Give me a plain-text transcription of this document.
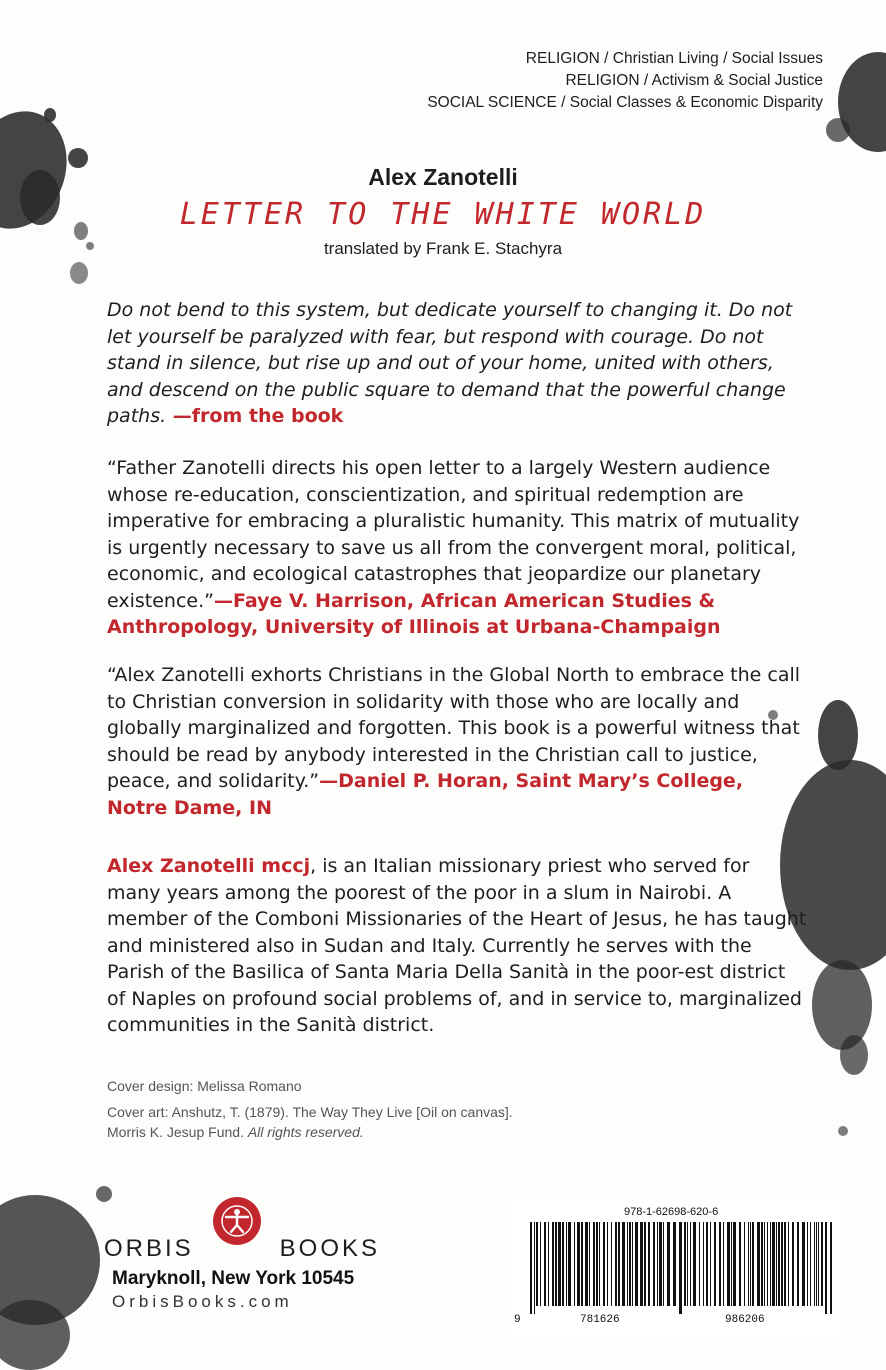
RELIGION / Christian Living / Social Issues
RELIGION / Activism & Social Justice
SOCIAL SCIENCE / Social Classes & Economic Disparity
Alex Zanotelli
LETTER TO THE WHITE WORLD
translated by Frank E. Stachyra
Do not bend to this system, but dedicate yourself to changing it. Do not let yourself be paralyzed with fear, but respond with courage. Do not stand in silence, but rise up and out of your home, united with others, and descend on the public square to demand that the powerful change paths. —from the book
“Father Zanotelli directs his open letter to a largely Western audience whose re-education, conscientization, and spiritual redemption are imperative for embracing a pluralistic humanity. This matrix of mutuality is urgently necessary to save us all from the convergent moral, political, economic, and ecological catastrophes that jeopardize our planetary existence.”—Faye V. Harrison, African American Studies & Anthropology, University of Illinois at Urbana-Champaign
“Alex Zanotelli exhorts Christians in the Global North to embrace the call to Christian conversion in solidarity with those who are locally and globally marginalized and forgotten. This book is a powerful witness that should be read by anybody interested in the Christian call to justice, peace, and solidarity.”—Daniel P. Horan, Saint Mary’s College, Notre Dame, IN
Alex Zanotelli mccj, is an Italian missionary priest who served for many years among the poorest of the poor in a slum in Nairobi. A member of the Comboni Missionaries of the Heart of Jesus, he has taught and ministered also in Sudan and Italy. Currently he serves with the Parish of the Basilica of Santa Maria Della Sanità in the poor-est district of Naples on profound social problems of, and in service to, marginalized communities in the Sanità district.
Cover design: Melissa Romano
Cover art: Anshutz, T. (1879). The Way They Live [Oil on canvas].
Morris K. Jesup Fund. All rights reserved.
ORBIS	BOOKS
Maryknoll, New York 10545
OrbisBooks.com
978-1-62698-620-6
9	781626	986206
